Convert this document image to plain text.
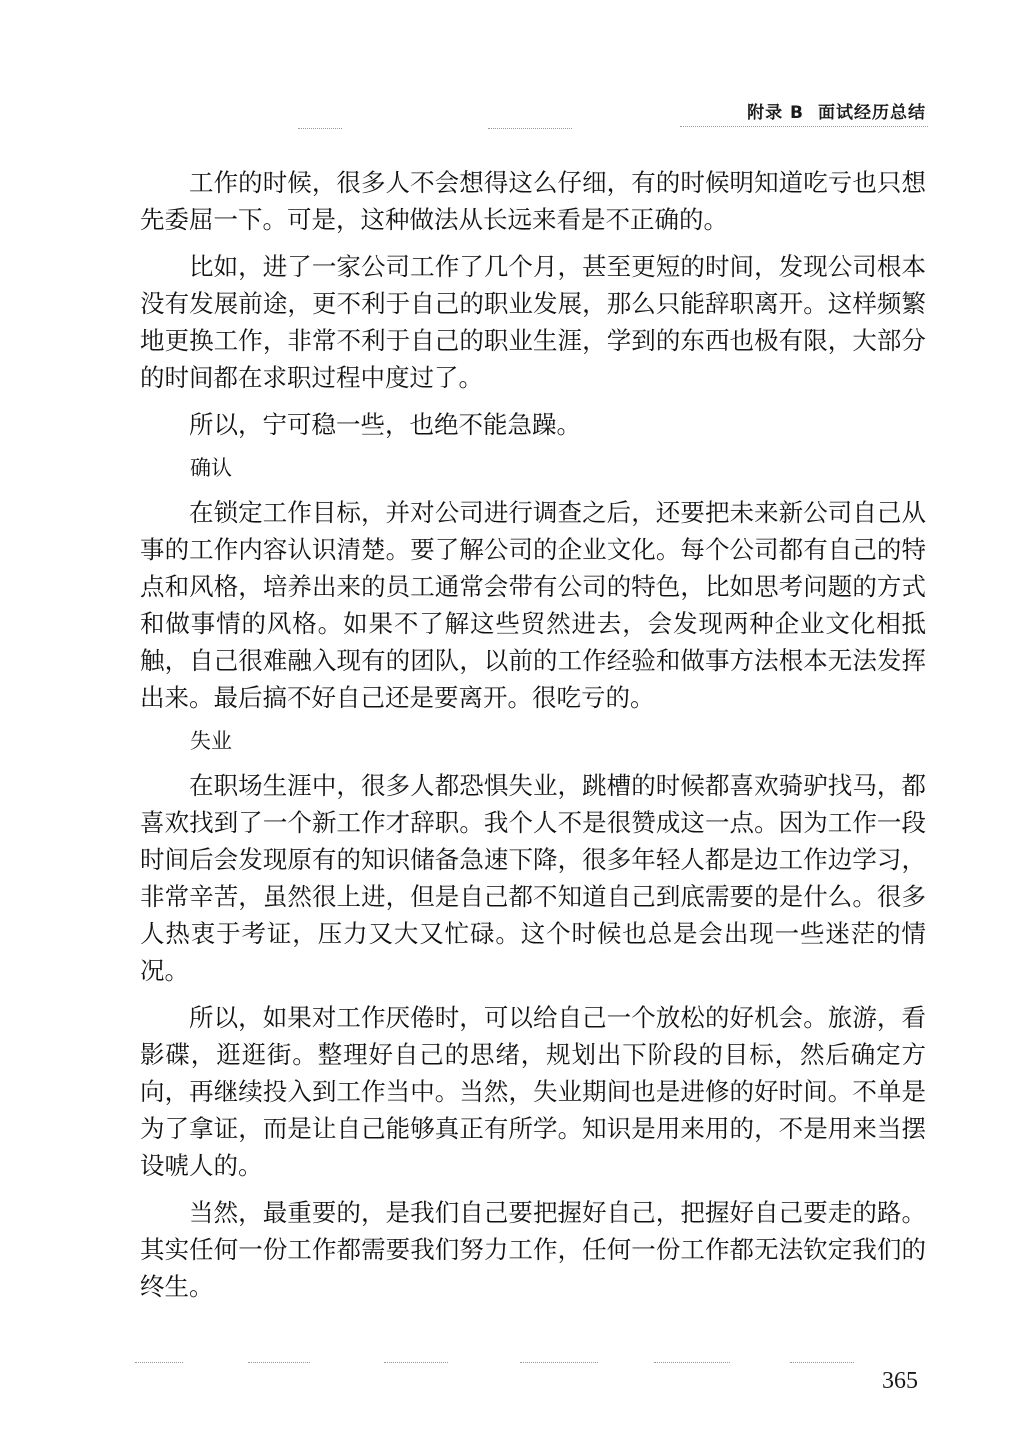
附录 B 面试经历总结

工作的时候，很多人不会想得这么仔细，有的时候明知道吃亏也只想先委屈一下。可是，这种做法从长远来看是不正确的。

比如，进了一家公司工作了几个月，甚至更短的时间，发现公司根本没有发展前途，更不利于自己的职业发展，那么只能辞职离开。这样频繁地更换工作，非常不利于自己的职业生涯，学到的东西也极有限，大部分的时间都在求职过程中度过了。

所以，宁可稳一些，也绝不能急躁。

确认

在锁定工作目标，并对公司进行调查之后，还要把未来新公司自己从事的工作内容认识清楚。要了解公司的企业文化。每个公司都有自己的特点和风格，培养出来的员工通常会带有公司的特色，比如思考问题的方式和做事情的风格。如果不了解这些贸然进去，会发现两种企业文化相抵触，自己很难融入现有的团队，以前的工作经验和做事方法根本无法发挥出来。最后搞不好自己还是要离开。很吃亏的。

失业

在职场生涯中，很多人都恐惧失业，跳槽的时候都喜欢骑驴找马，都喜欢找到了一个新工作才辞职。我个人不是很赞成这一点。因为工作一段时间后会发现原有的知识储备急速下降，很多年轻人都是边工作边学习，非常辛苦，虽然很上进，但是自己都不知道自己到底需要的是什么。很多人热衷于考证，压力又大又忙碌。这个时候也总是会出现一些迷茫的情况。

所以，如果对工作厌倦时，可以给自己一个放松的好机会。旅游，看影碟，逛逛街。整理好自己的思绪，规划出下阶段的目标，然后确定方向，再继续投入到工作当中。当然，失业期间也是进修的好时间。不单是为了拿证，而是让自己能够真正有所学。知识是用来用的，不是用来当摆设唬人的。

当然，最重要的，是我们自己要把握好自己，把握好自己要走的路。其实任何一份工作都需要我们努力工作，任何一份工作都无法钦定我们的终生。

365
